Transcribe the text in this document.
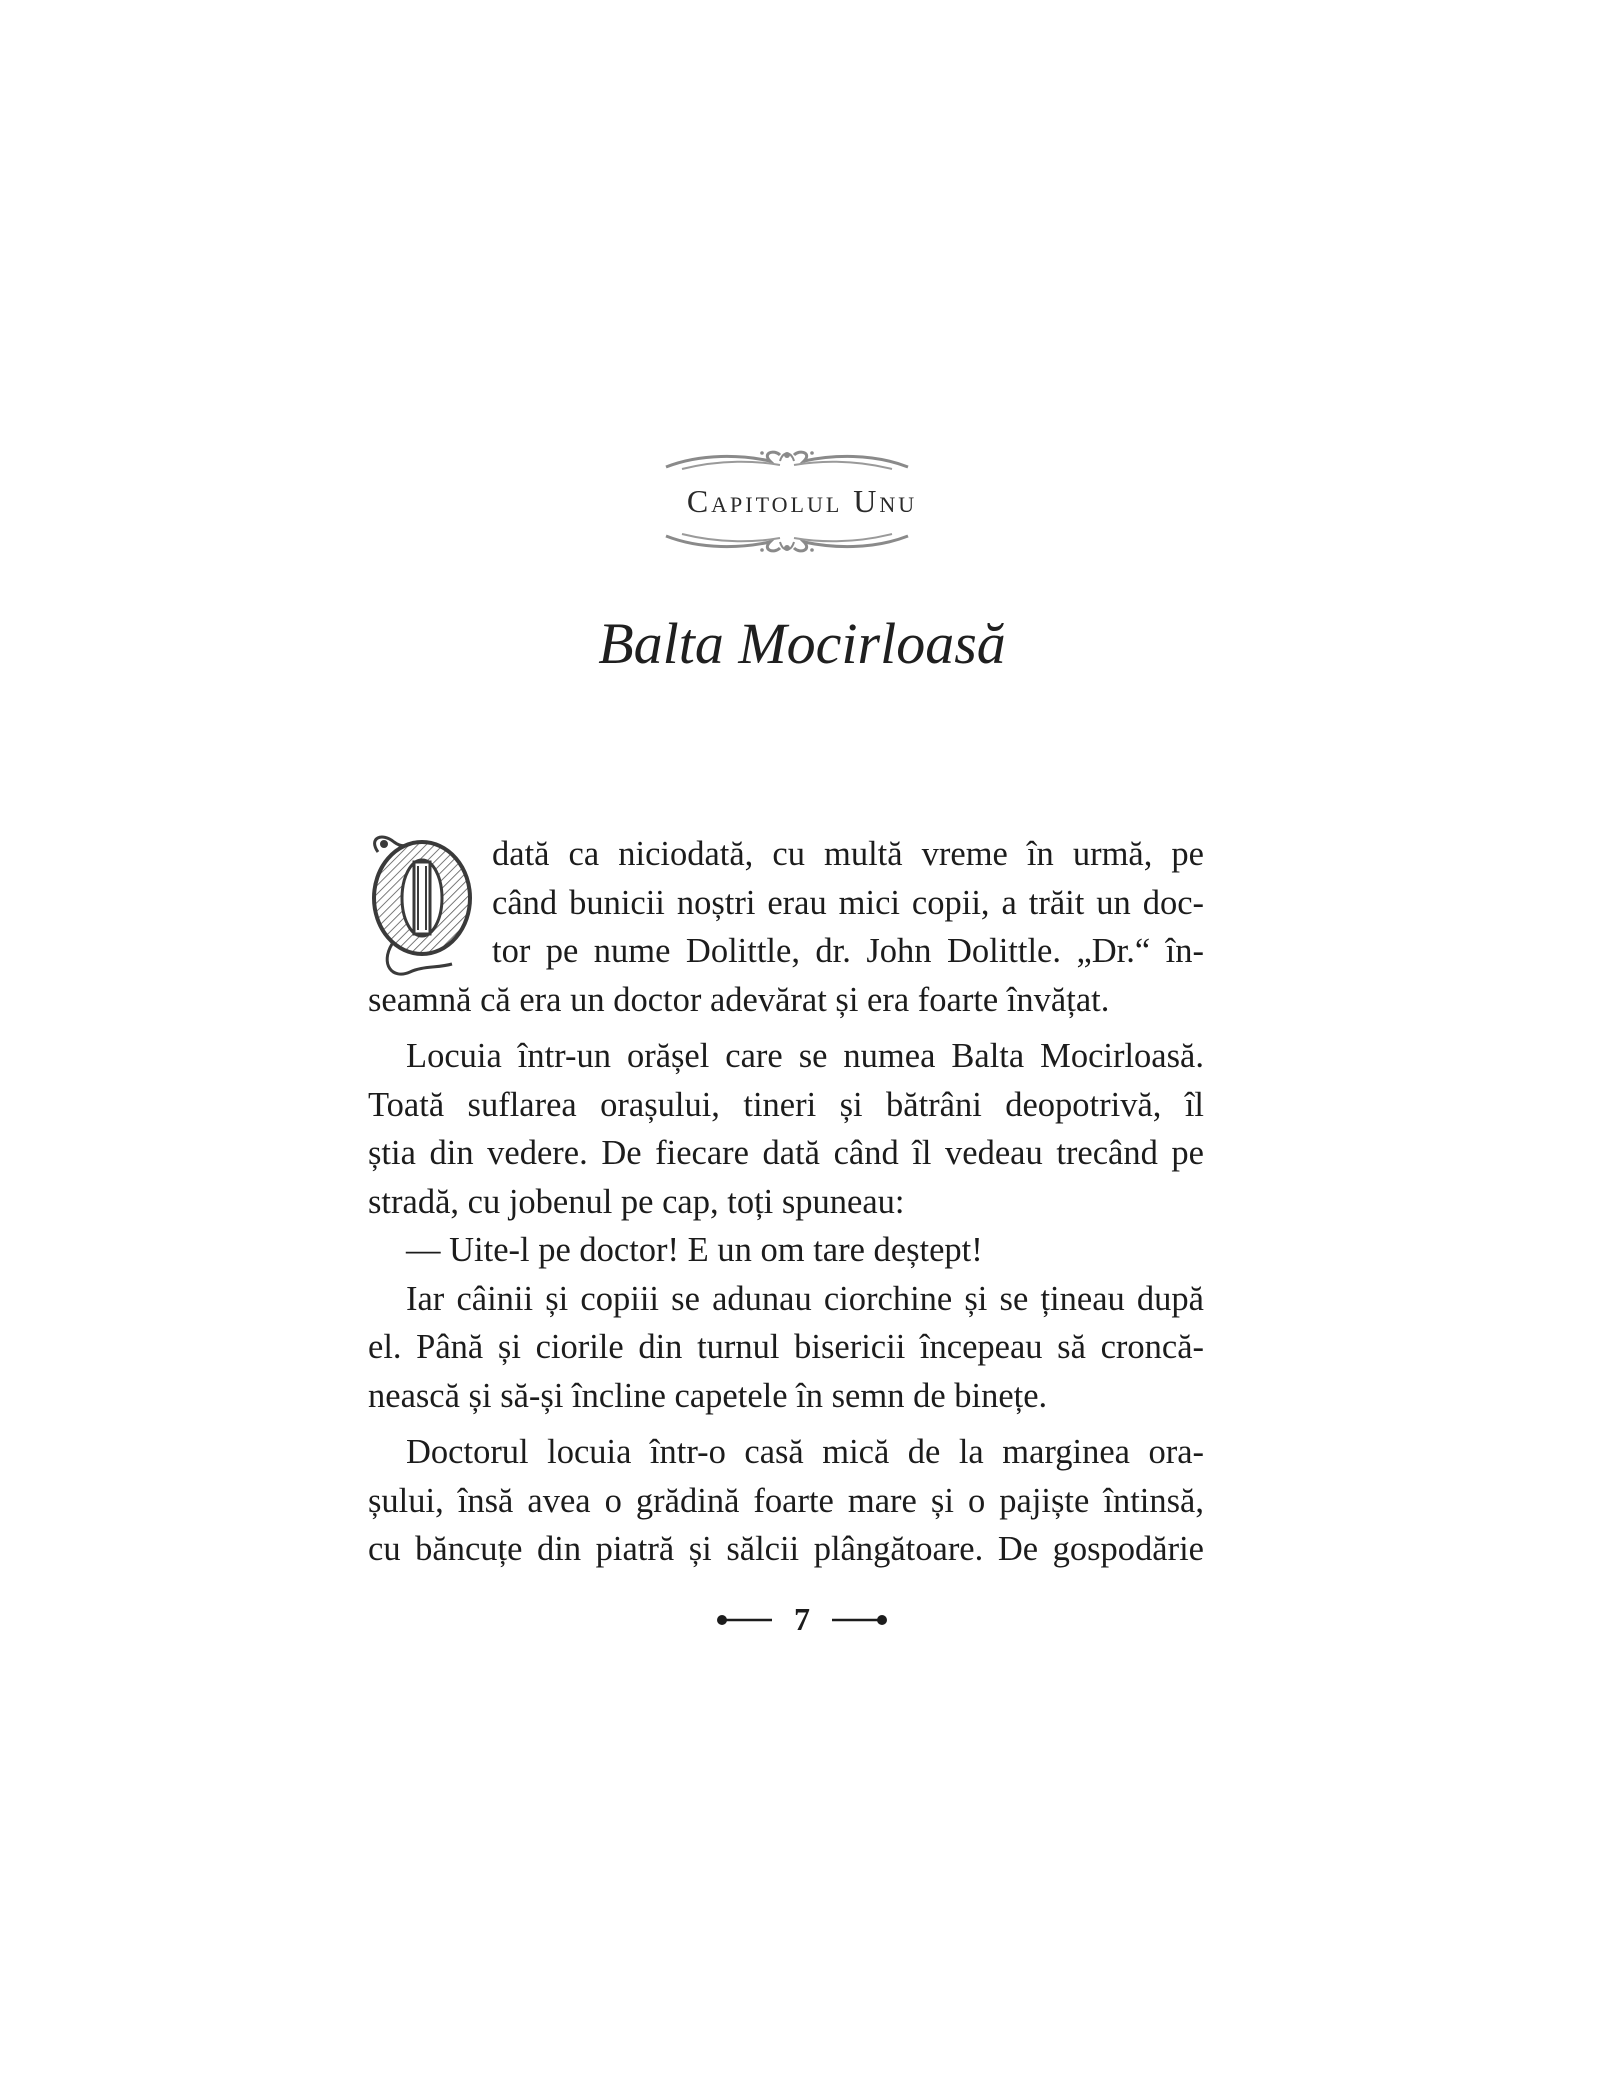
Capitolul Unu
Balta Mocirloasă
dată ca niciodată, cu multă vreme în urmă, pe
când bunicii noștri erau mici copii, a trăit un doc-
tor pe nume Dolittle, dr. John Dolittle. „Dr.“ în-
seamnă că era un doctor adevărat și era foarte învățat.
Locuia într-un orășel care se numea Balta Mocirloasă.
Toată suflarea orașului, tineri și bătrâni deopotrivă, îl
știa din vedere. De fiecare dată când îl vedeau trecând pe
stradă, cu jobenul pe cap, toți spuneau:
— Uite-l pe doctor! E un om tare deștept!
Iar câinii și copiii se adunau ciorchine și se țineau după
el. Până și ciorile din turnul bisericii începeau să croncă-
nească și să-și încline capetele în semn de binețe.
Doctorul locuia într-o casă mică de la marginea ora-
șului, însă avea o grădină foarte mare și o pajiște întinsă,
cu băncuțe din piatră și sălcii plângătoare. De gospodărie
7
